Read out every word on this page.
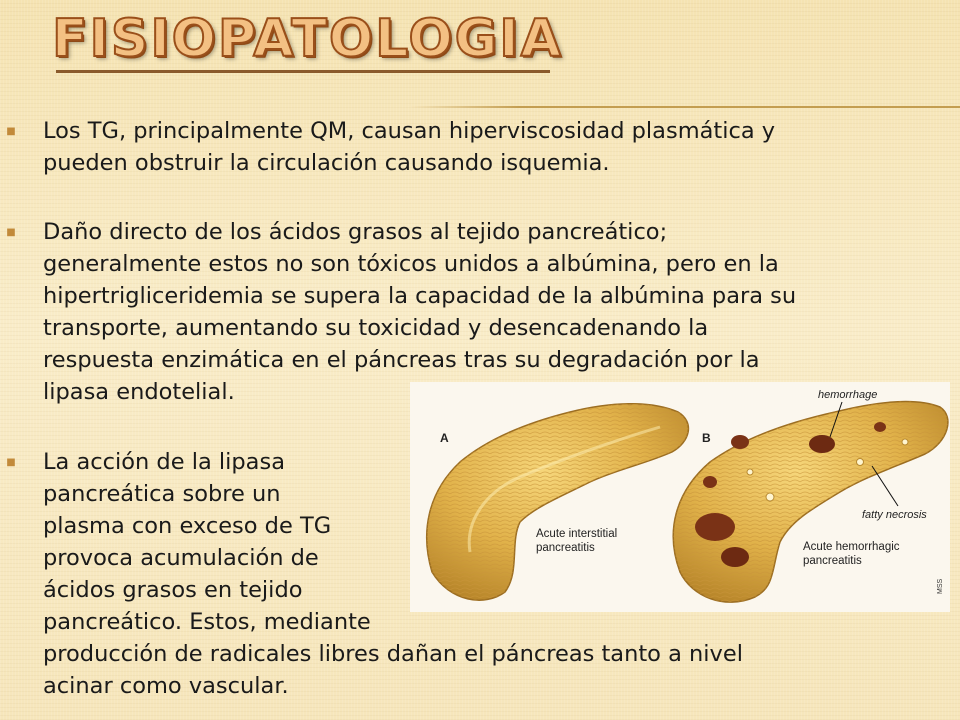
FISIOPATOLOGIA
■ Los TG, principalmente QM, causan hiperviscosidad plasmática y
pueden obstruir la circulación causando isquemia.
■ Daño directo de los ácidos grasos al tejido pancreático;
generalmente estos no son tóxicos unidos a albúmina, pero en la
hipertrigliceridemia se supera la capacidad de la albúmina para su
transporte, aumentando su toxicidad y desencadenando la
respuesta enzimática en el páncreas tras su degradación por la
lipasa endotelial.
■ La acción de la lipasa
pancreática sobre un
plasma con exceso de TG
provoca acumulación de
ácidos grasos en tejido
pancreático. Estos, mediante
producción de radicales libres dañan el páncreas tanto a nivel
acinar como vascular.
A	B
Acute interstitial
pancreatitis	Acute hemorrhagic
pancreatitis
hemorrhage
fatty necrosis
MSS
